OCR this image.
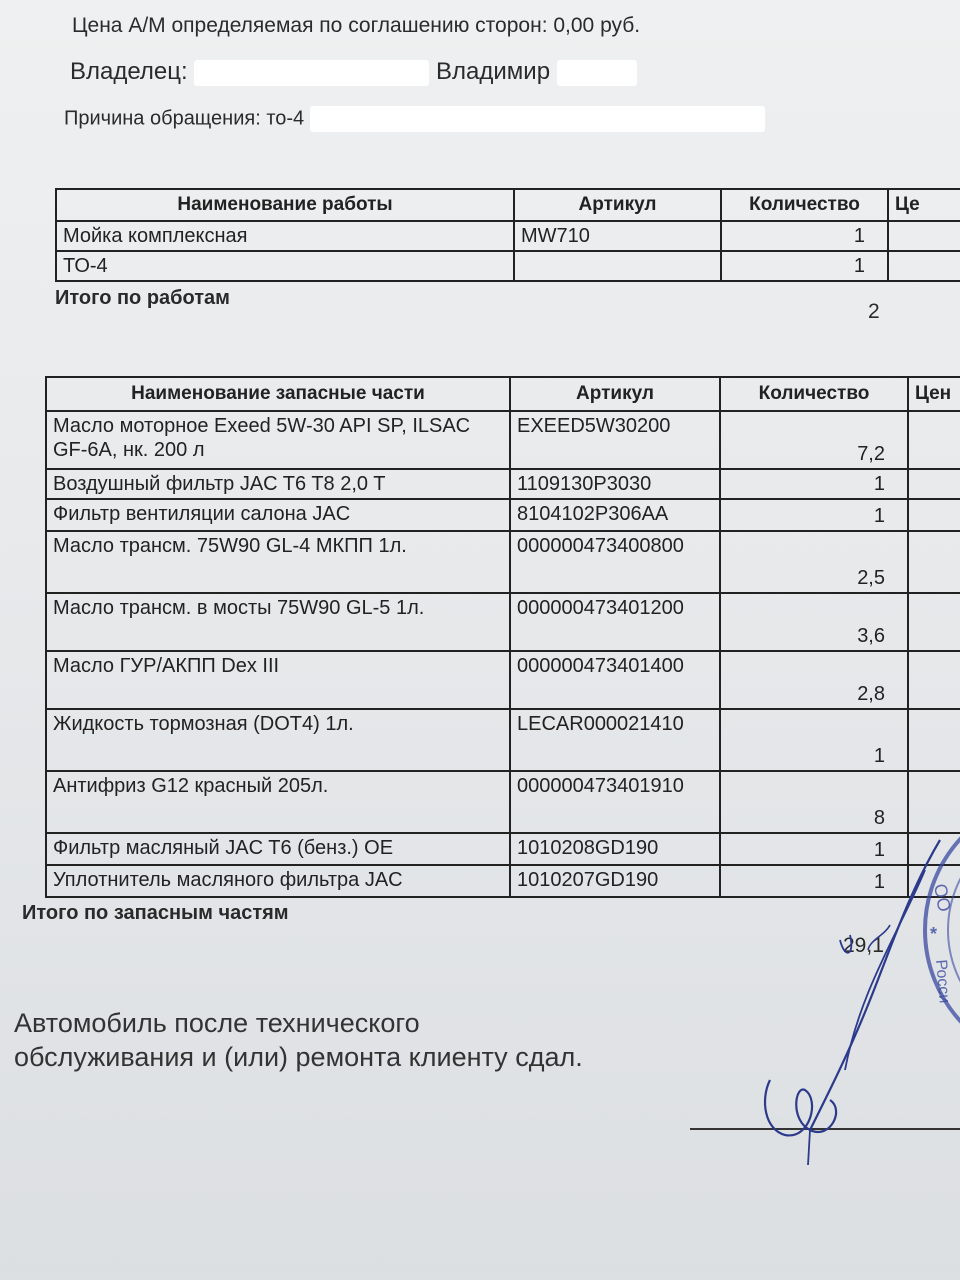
Цена А/М определяемая по соглашению сторон: 0,00 руб.
Владелец:	Владимир
Причина обращения: то-4
Наименование работы	Артикул	Количество	Це
Мойка комплексная	MW710	1	
ТО-4		1	
Итого по работам
2
Наименование запасные части	Артикул	Количество	Цен
Масло моторное Exeed 5W-30 API SP, ILSAC GF-6A, нк. 200 л	EXEED5W30200	7,2	
Воздушный фильтр JAC T6 T8 2,0 T	1109130P3030	1	
Фильтр вентиляции салона JAC	8104102P306AA	1	
Масло трансм. 75W90 GL-4 МКПП 1л.	000000473400800	2,5	
Масло трансм. в мосты 75W90 GL-5 1л.	000000473401200	3,6	
Масло ГУР/АКПП Dex III	000000473401400	2,8	
Жидкость тормозная (DOT4) 1л.	LECAR000021410	1	
Антифриз G12 красный 205л.	000000473401910	8	
Фильтр масляный JAC T6 (бенз.) OE	1010208GD190	1	
Уплотнитель масляного фильтра JAC	1010207GD190	1	
Итого по запасным частям
29,1
Автомобиль после технического
обслуживания и (или) ремонта клиенту сдал.
ОО
*
Росси
